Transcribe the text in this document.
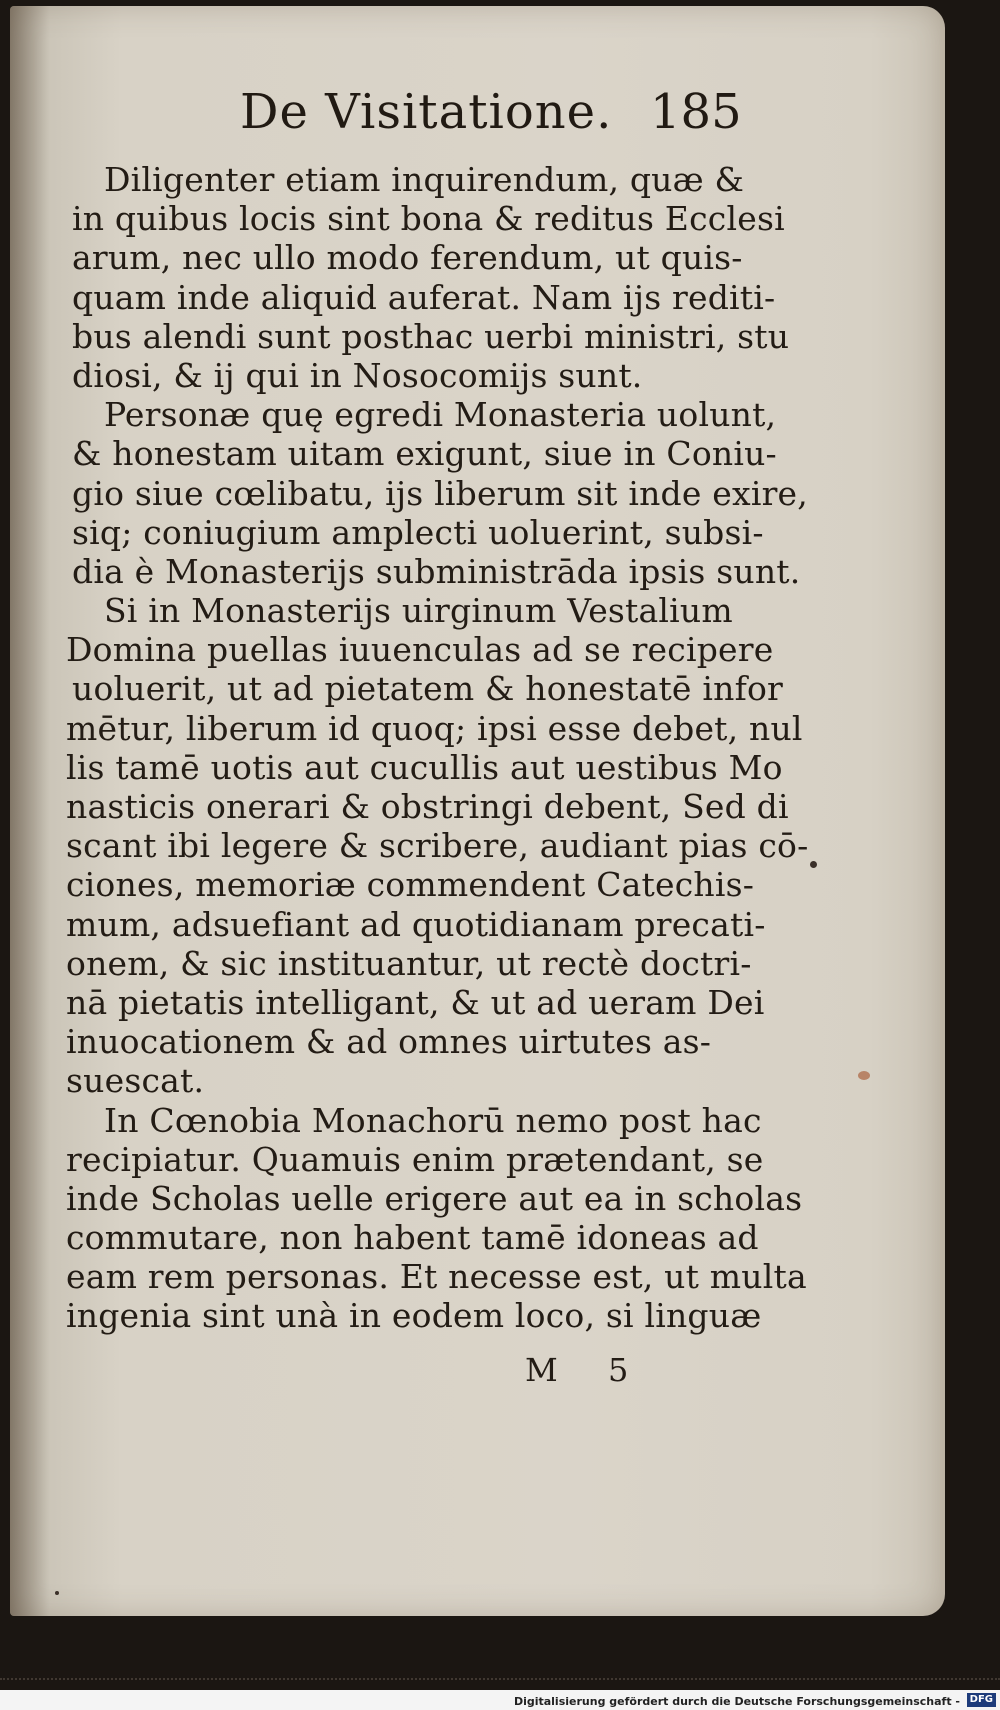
De Visitatione. 185
Diligenter etiam inquirendum, quæ &
in quibus locis sint bona & reditus Ecclesi
arum, nec ullo modo ferendum, ut quis-
quam inde aliquid auferat. Nam ijs rediti-
bus alendi sunt posthac uerbi ministri, stu
diosi, & ij qui in Nosocomijs sunt.
Personæ quę egredi Monasteria uolunt,
& honestam uitam exigunt, siue in Coniu-
gio siue cœlibatu, ijs liberum sit inde exire,
siq; coniugium amplecti uoluerint, subsi-
dia è Monasterijs subministrāda ipsis sunt.
Si in Monasterijs uirginum Vestalium
Domina puellas iuuenculas ad se recipere
uoluerit, ut ad pietatem & honestatē infor
mētur, liberum id quoq; ipsi esse debet, nul
lis tamē uotis aut cucullis aut uestibus Mo
nasticis onerari & obstringi debent, Sed di
scant ibi legere & scribere, audiant pias cō-
ciones, memoriæ commendent Catechis-
mum, adsuefiant ad quotidianam precati-
onem, & sic instituantur, ut rectè doctri-
nā pietatis intelligant, & ut ad ueram Dei
inuocationem & ad omnes uirtutes as-
suescat.
In Cœnobia Monachorū nemo post hac
recipiatur. Quamuis enim prætendant, se
inde Scholas uelle erigere aut ea in scholas
commutare, non habent tamē idoneas ad
eam rem personas. Et necesse est, ut multa
ingenia sint unà in eodem loco, si linguæ
M 5
Digitalisierung gefördert durch die Deutsche Forschungsgemeinschaft - DFG
